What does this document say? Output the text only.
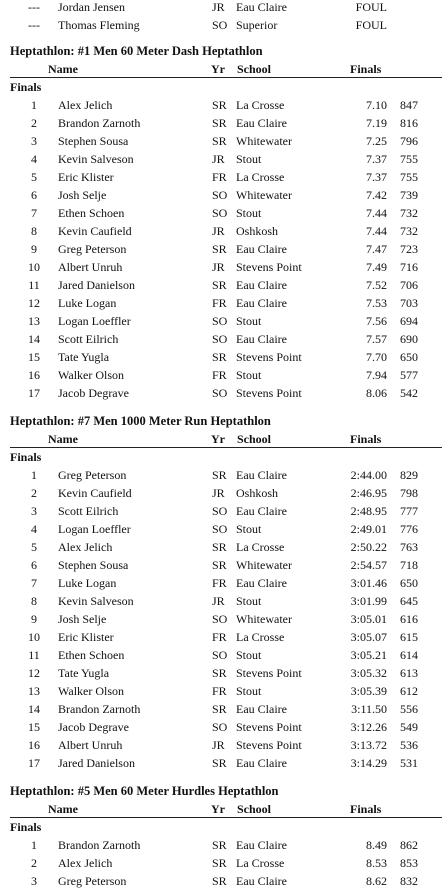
---	Jordan Jensen	JR Eau Claire	FOUL
---	Thomas Fleming	SO Superior	FOUL
Heptathlon: #1 Men 60 Meter Dash Heptathlon
Name	Yr School	Finals
Finals
1	Alex Jelich	SR La Crosse	7.10 847
2	Brandon Zarnoth	SR Eau Claire	7.19 816
3	Stephen Sousa	SR Whitewater	7.25 796
4	Kevin Salveson	JR Stout	7.37 755
5	Eric Klister	FR La Crosse	7.37 755
6	Josh Selje	SO Whitewater	7.42 739
7	Ethen Schoen	SO Stout	7.44 732
8	Kevin Caufield	JR Oshkosh	7.44 732
9	Greg Peterson	SR Eau Claire	7.47 723
10	Albert Unruh	JR Stevens Point	7.49 716
11	Jared Danielson	SR Eau Claire	7.52 706
12	Luke Logan	FR Eau Claire	7.53 703
13	Logan Loeffler	SO Stout	7.56 694
14	Scott Eilrich	SO Eau Claire	7.57 690
15	Tate Yugla	SR Stevens Point	7.70 650
16	Walker Olson	FR Stout	7.94 577
17	Jacob Degrave	SO Stevens Point	8.06 542
Heptathlon: #7 Men 1000 Meter Run Heptathlon
Name	Yr School	Finals
Finals
1	Greg Peterson	SR Eau Claire	2:44.00 829
2	Kevin Caufield	JR Oshkosh	2:46.95 798
3	Scott Eilrich	SO Eau Claire	2:48.95 777
4	Logan Loeffler	SO Stout	2:49.01 776
5	Alex Jelich	SR La Crosse	2:50.22 763
6	Stephen Sousa	SR Whitewater	2:54.57 718
7	Luke Logan	FR Eau Claire	3:01.46 650
8	Kevin Salveson	JR Stout	3:01.99 645
9	Josh Selje	SO Whitewater	3:05.01 616
10	Eric Klister	FR La Crosse	3:05.07 615
11	Ethen Schoen	SO Stout	3:05.21 614
12	Tate Yugla	SR Stevens Point	3:05.32 613
13	Walker Olson	FR Stout	3:05.39 612
14	Brandon Zarnoth	SR Eau Claire	3:11.50 556
15	Jacob Degrave	SO Stevens Point	3:12.26 549
16	Albert Unruh	JR Stevens Point	3:13.72 536
17	Jared Danielson	SR Eau Claire	3:14.29 531
Heptathlon: #5 Men 60 Meter Hurdles Heptathlon
Name	Yr School	Finals
Finals
1	Brandon Zarnoth	SR Eau Claire	8.49 862
2	Alex Jelich	SR La Crosse	8.53 853
3	Greg Peterson	SR Eau Claire	8.62 832
